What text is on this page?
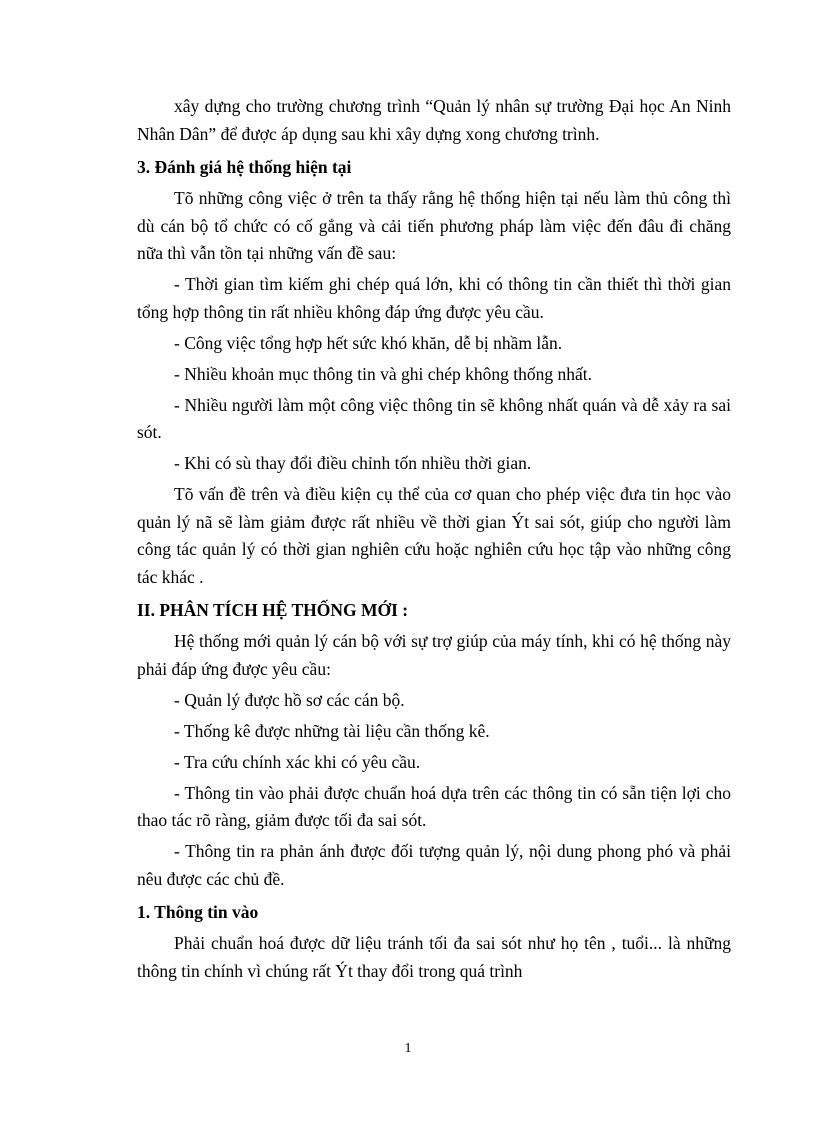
xây dựng cho trường chương trình “Quản lý nhân sự trường Đại học An Ninh Nhân Dân” để được áp dụng sau khi xây dựng xong chương trình.

3. Đánh giá hệ thống hiện tại

Tõ những công việc ở trên ta thấy rằng hệ thống hiện tại nếu làm thủ công thì dù cán bộ tổ chức có cố gắng và cải tiến phương pháp làm việc đến đâu đi chăng nữa thì vẫn tồn tại những vấn đề sau:

- Thời gian tìm kiếm ghi chép quá lớn, khi có thông tin cần thiết thì thời gian tổng hợp thông tin rất nhiều không đáp ứng được yêu cầu.

- Công việc tổng hợp hết sức khó khăn, dễ bị nhầm lẫn.

- Nhiều khoản mục thông tin và ghi chép không thống nhất.

- Nhiều người làm một công việc thông tin sẽ không nhất quán và dễ xảy ra sai sót.

- Khi có sù thay đổi điều chỉnh tốn nhiều thời gian.

Tõ vấn đề trên và điều kiện cụ thể của cơ quan cho phép việc đưa tin học vào quản lý nã sẽ làm giảm được rất nhiều về thời gian Ýt sai sót, giúp cho người làm công tác quản lý có thời gian nghiên cứu hoặc nghiên cứu học tập vào những công tác khác .

II. PHÂN TÍCH HỆ THỐNG MỚI :

Hệ thống mới quản lý cán bộ với sự trợ giúp của máy tính, khi có hệ thống này phải đáp ứng được yêu cầu:

- Quản lý được hồ sơ các cán bộ.

- Thống kê được những tài liệu cần thống kê.

- Tra cứu chính xác khi có yêu cầu.

- Thông tin vào phải được chuẩn hoá dựa trên các thông tin có sẵn tiện lợi cho thao tác rõ ràng, giảm được tối đa sai sót.

- Thông tin ra phản ánh được đối tượng quản lý, nội dung phong phó và phải nêu được các chủ đề.

1. Thông tin vào

Phải chuẩn hoá được dữ liệu tránh tối đa sai sót như họ tên , tuổi... là những thông tin chính vì chúng rất Ýt thay đổi trong quá trình

1
